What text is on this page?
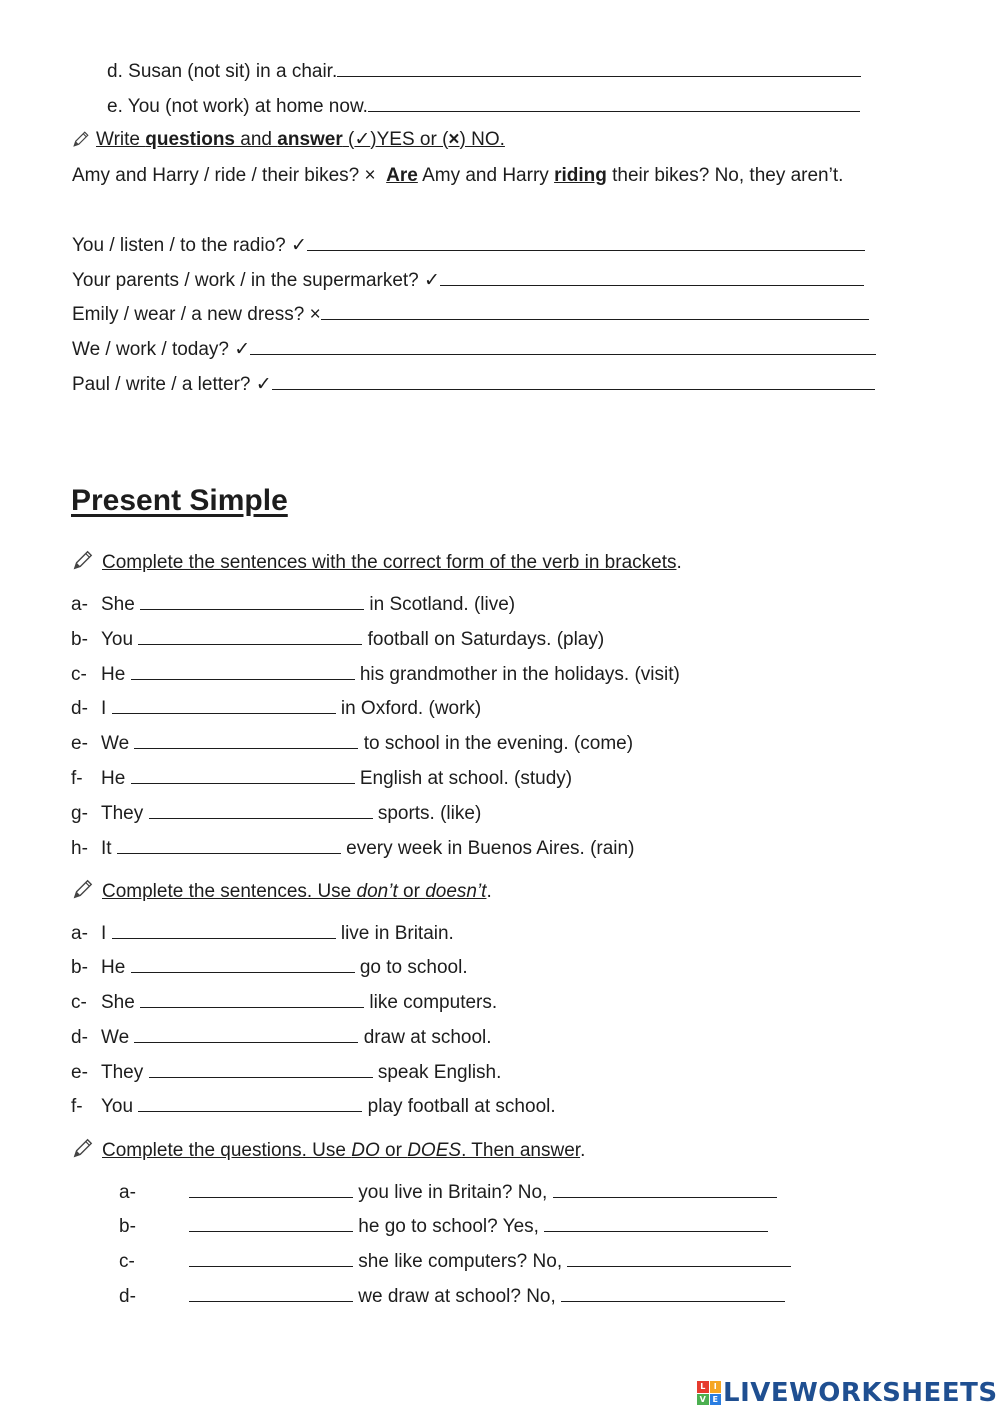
d. Susan (not sit) in a chair.
e. You (not work) at home now.
Write questions and answer (✓)YES or (×) NO.
Amy and Harry / ride / their bikes? × Are Amy and Harry riding their bikes? No, they aren’t.
You / listen / to the radio? ✓
Your parents / work / in the supermarket? ✓
Emily / wear / a new dress? ×
We / work / today? ✓
Paul / write / a letter? ✓
Present Simple
Complete the sentences with the correct form of the verb in brackets.
a- She	in Scotland. (live)
b- You	football on Saturdays. (play)
c- He	his grandmother in the holidays. (visit)
d- I	in Oxford. (work)
e- We	to school in the evening. (come)
f- He	English at school. (study)
g- They	sports. (like)
h- It	every week in Buenos Aires. (rain)
Complete the sentences. Use don’t or doesn’t.
a- I	live in Britain.
b- He	go to school.
c- She	like computers.
d- We	draw at school.
e- They	speak English.
f- You	play football at school.
Complete the questions. Use DO or DOES. Then answer.
a-	you live in Britain? No,
b-	he go to school? Yes,
c-	she like computers? No,
d-	we draw at school? No,
L	I
V E LIVEWORKSHEETS
